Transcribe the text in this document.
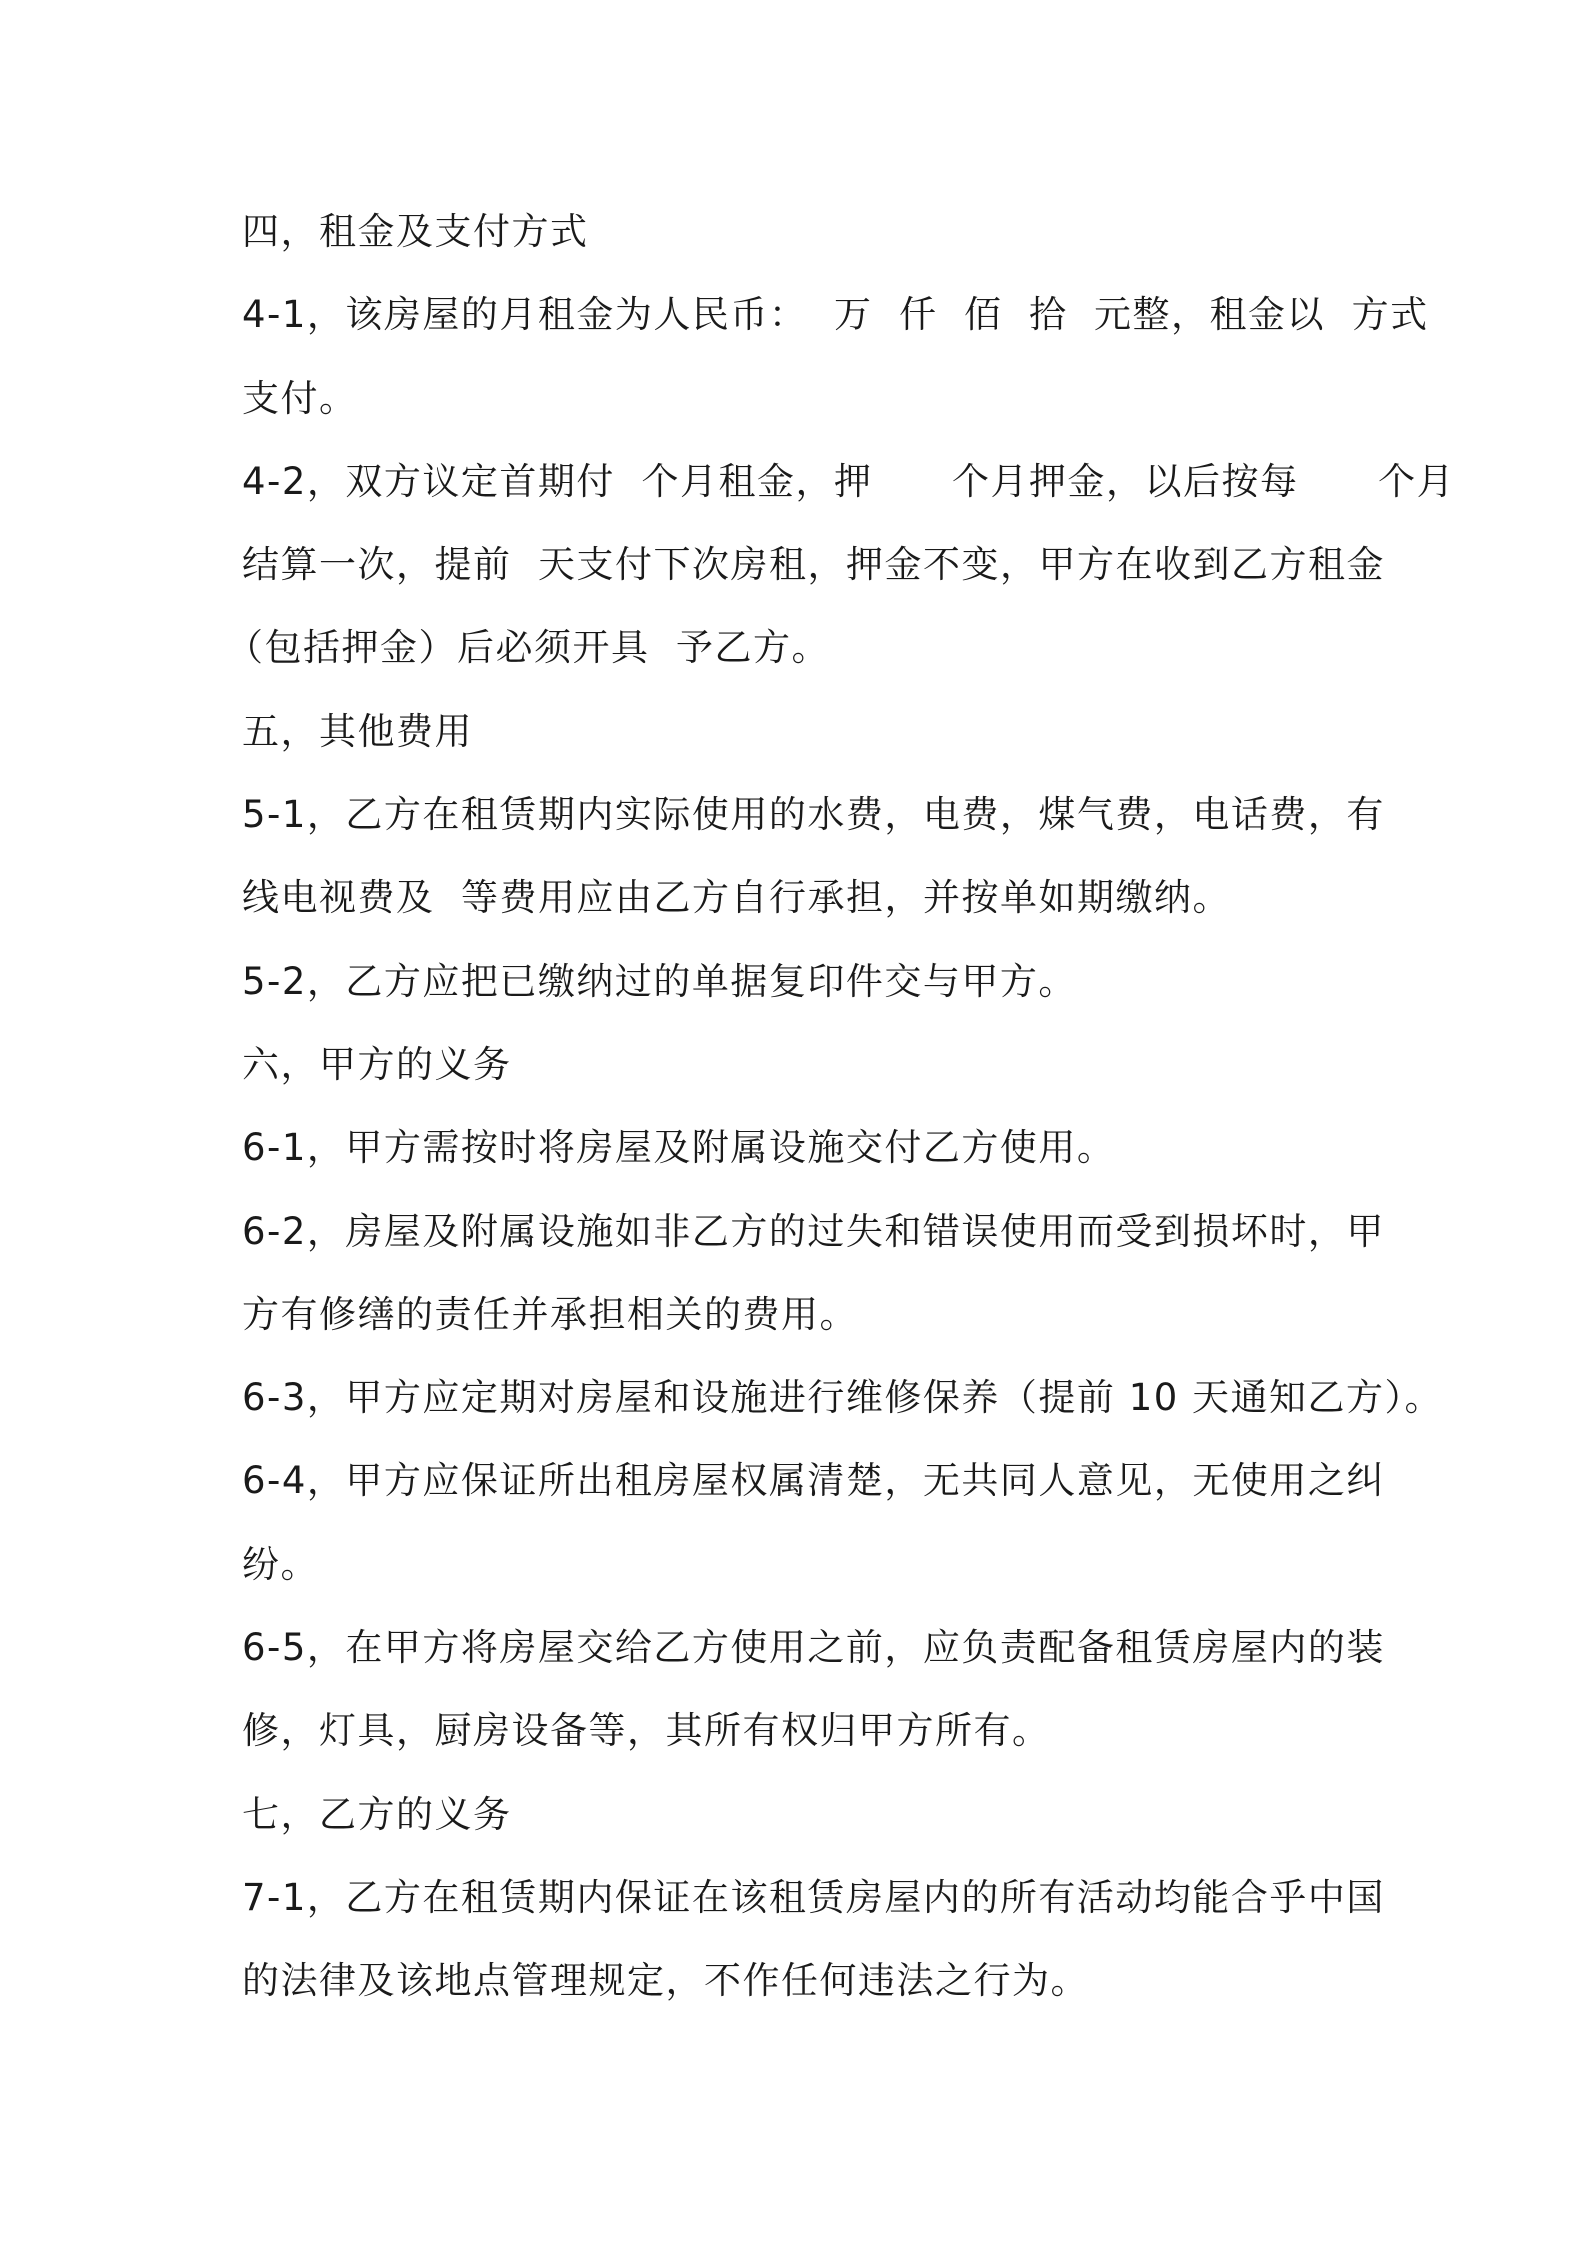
四，租金及支付方式
4-1，该房屋的月租金为人民币：  万  仟  佰  拾  元整，租金以  方式
支付。
4-2，双方议定首期付  个月租金，押      个月押金，以后按每      个月
结算一次，提前  天支付下次房租，押金不变，甲方在收到乙方租金
（包括押金）后必须开具  予乙方。
五，其他费用
5-1，乙方在租赁期内实际使用的水费，电费，煤气费，电话费，有
线电视费及  等费用应由乙方自行承担，并按单如期缴纳。
5-2，乙方应把已缴纳过的单据复印件交与甲方。
六，甲方的义务
6-1，甲方需按时将房屋及附属设施交付乙方使用。
6-2，房屋及附属设施如非乙方的过失和错误使用而受到损坏时，甲
方有修缮的责任并承担相关的费用。
6-3，甲方应定期对房屋和设施进行维修保养（提前 10 天通知乙方）。
6-4，甲方应保证所出租房屋权属清楚，无共同人意见，无使用之纠
纷。
6-5，在甲方将房屋交给乙方使用之前，应负责配备租赁房屋内的装
修，灯具，厨房设备等，其所有权归甲方所有。
七，乙方的义务
7-1，乙方在租赁期内保证在该租赁房屋内的所有活动均能合乎中国
的法律及该地点管理规定，不作任何违法之行为。
